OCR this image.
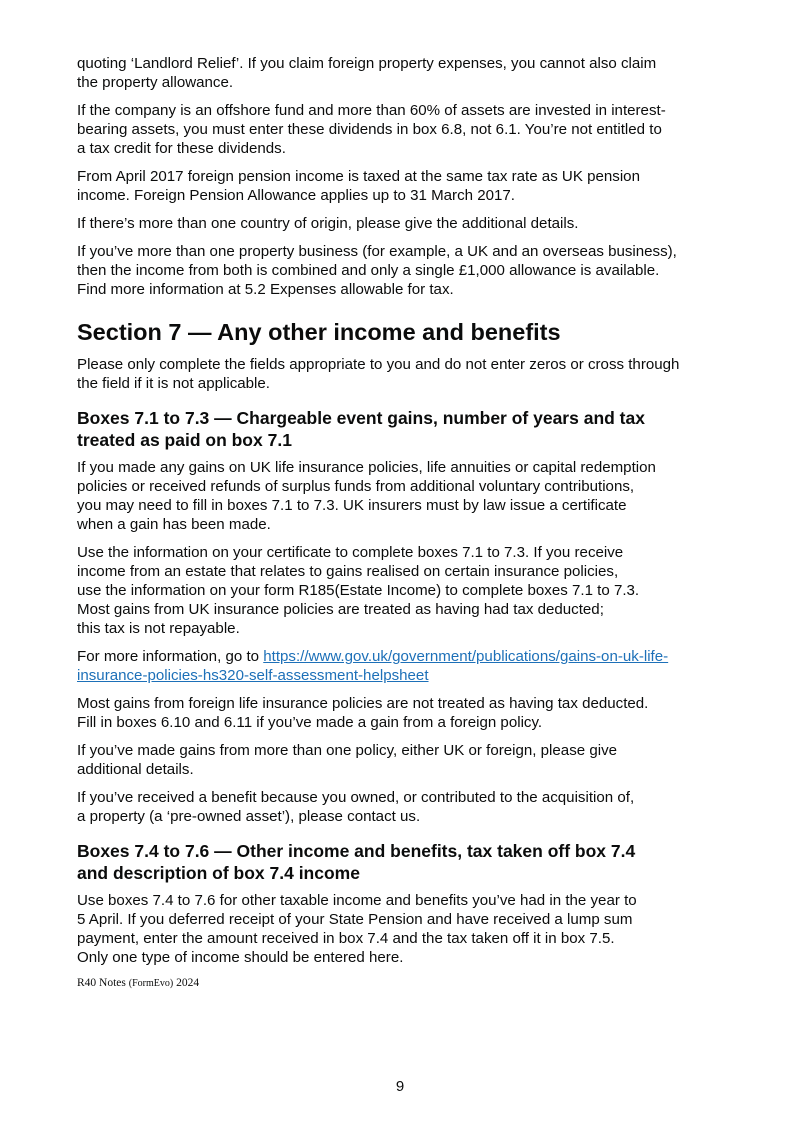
quoting ‘Landlord Relief’. If you claim foreign property expenses, you cannot also claim
the property allowance.

If the company is an offshore fund and more than 60% of assets are invested in interest-
bearing assets, you must enter these dividends in box 6.8, not 6.1. You’re not entitled to
a tax credit for these dividends.

From April 2017 foreign pension income is taxed at the same tax rate as UK pension
income. Foreign Pension Allowance applies up to 31 March 2017.

If there’s more than one country of origin, please give the additional details.

If you’ve more than one property business (for example, a UK and an overseas business),
then the income from both is combined and only a single £1,000 allowance is available.
Find more information at 5.2 Expenses allowable for tax.

Section 7 — Any other income and benefits

Please only complete the fields appropriate to you and do not enter zeros or cross through
the field if it is not applicable.

Boxes 7.1 to 7.3 — Chargeable event gains, number of years and tax
treated as paid on box 7.1

If you made any gains on UK life insurance policies, life annuities or capital redemption
policies or received refunds of surplus funds from additional voluntary contributions,
you may need to fill in boxes 7.1 to 7.3. UK insurers must by law issue a certificate
when a gain has been made.

Use the information on your certificate to complete boxes 7.1 to 7.3. If you receive
income from an estate that relates to gains realised on certain insurance policies,
use the information on your form R185(Estate Income) to complete boxes 7.1 to 7.3.
Most gains from UK insurance policies are treated as having had tax deducted;
this tax is not repayable.

For more information, go to https://www.gov.uk/government/publications/gains-on-uk-life-
insurance-policies-hs320-self-assessment-helpsheet

Most gains from foreign life insurance policies are not treated as having tax deducted.
Fill in boxes 6.10 and 6.11 if you’ve made a gain from a foreign policy.

If you’ve made gains from more than one policy, either UK or foreign, please give
additional details.

If you’ve received a benefit because you owned, or contributed to the acquisition of,
a property (a ‘pre-owned asset’), please contact us.

Boxes 7.4 to 7.6 — Other income and benefits, tax taken off box 7.4
and description of box 7.4 income

Use boxes 7.4 to 7.6 for other taxable income and benefits you’ve had in the year to
5 April. If you deferred receipt of your State Pension and have received a lump sum
payment, enter the amount received in box 7.4 and the tax taken off it in box 7.5.
Only one type of income should be entered here.

R40 Notes (FormEvo) 2024
9
